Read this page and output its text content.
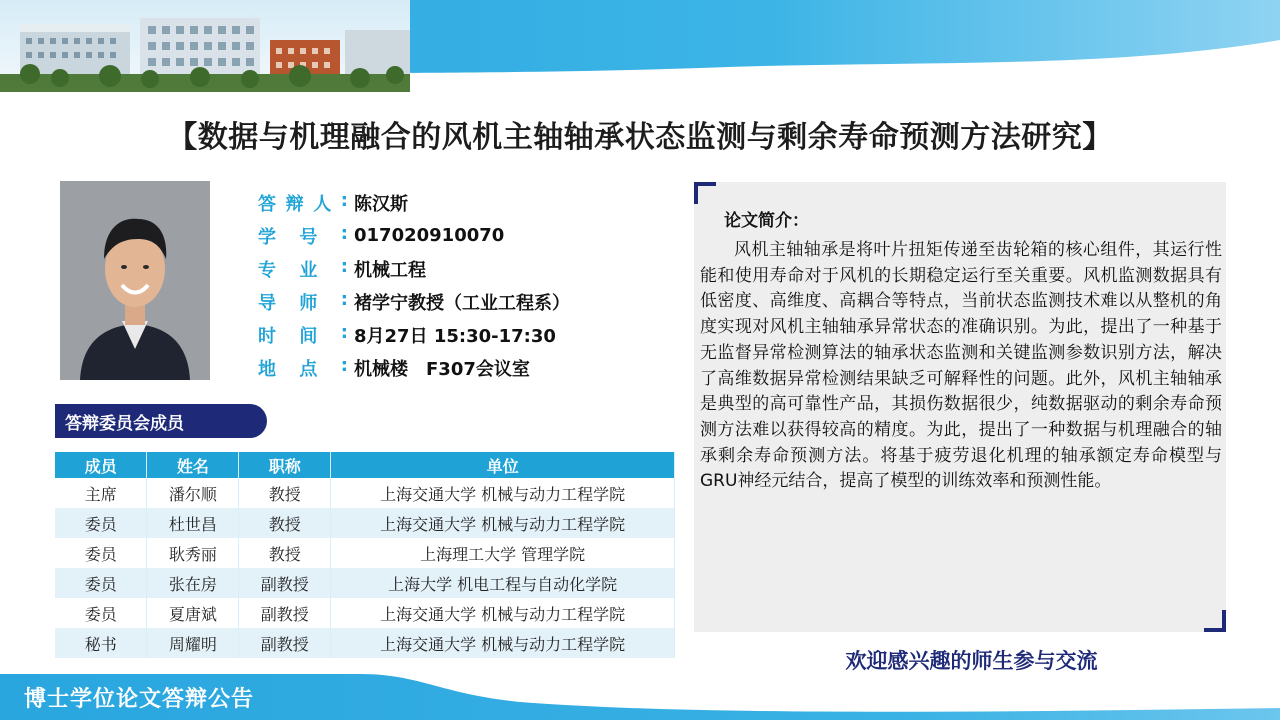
【数据与机理融合的风机主轴轴承状态监测与剩余寿命预测方法研究】
答 辩 人 : 陈汉斯
学 号 : 017020910070
专 业 : 机械工程
导 师 : 褚学宁教授（工业工程系）
时 间 : 8月27日 15:30-17:30
地 点 : 机械楼　F307会议室
答辩委员会成员
成员	姓名	职称	单位
主席	潘尔顺	教授	上海交通大学 机械与动力工程学院
委员	杜世昌	教授	上海交通大学 机械与动力工程学院
委员	耿秀丽	教授	上海理工大学 管理学院
委员	张在房	副教授	上海大学 机电工程与自动化学院
委员	夏唐斌	副教授	上海交通大学 机械与动力工程学院
秘书	周耀明	副教授	上海交通大学 机械与动力工程学院
论文简介：
风机主轴轴承是将叶片扭矩传递至齿轮箱的核心组件，其运行性能和使用寿命对于风机的长期稳定运行至关重要。风机监测数据具有低密度、高维度、高耦合等特点，当前状态监测技术难以从整机的角度实现对风机主轴轴承异常状态的准确识别。为此，提出了一种基于无监督异常检测算法的轴承状态监测和关键监测参数识别方法，解决了高维数据异常检测结果缺乏可解释性的问题。此外，风机主轴轴承是典型的高可靠性产品，其损伤数据很少，纯数据驱动的剩余寿命预测方法难以获得较高的精度。为此，提出了一种数据与机理融合的轴承剩余寿命预测方法。将基于疲劳退化机理的轴承额定寿命模型与GRU神经元结合，提高了模型的训练效率和预测性能。
欢迎感兴趣的师生参与交流
博士学位论文答辩公告
